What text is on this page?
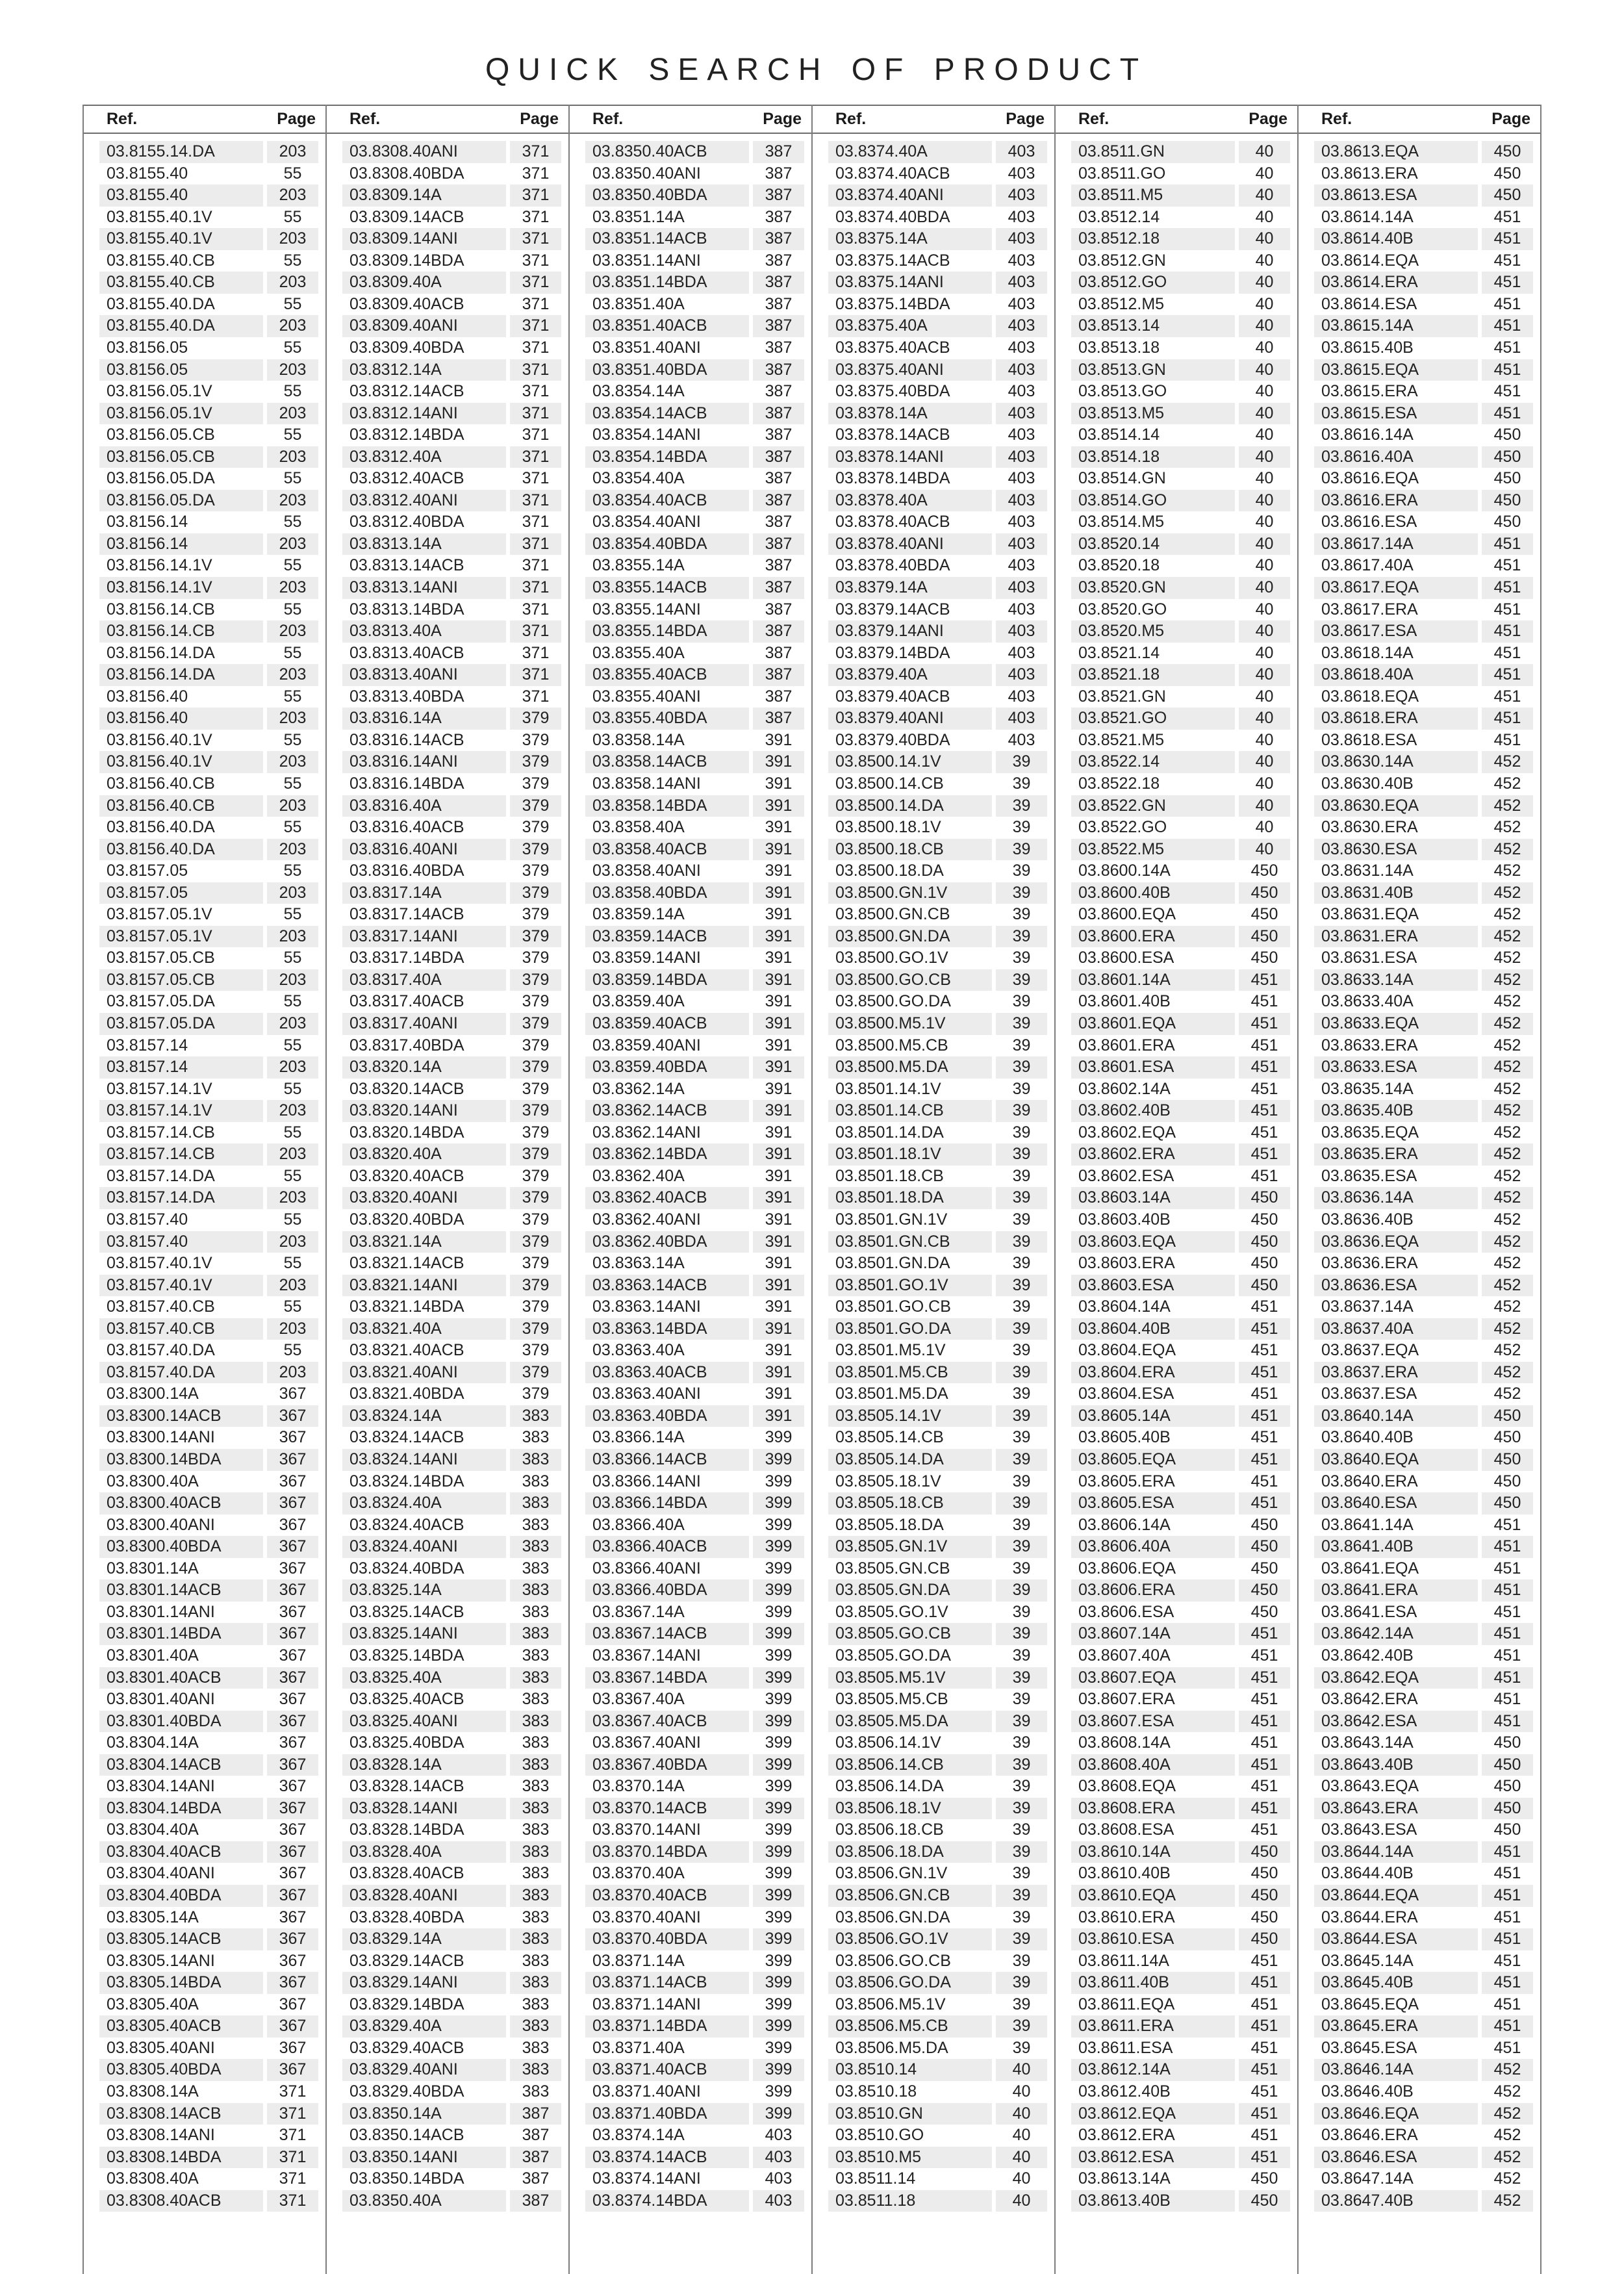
QUICK SEARCH OF PRODUCT
Ref.	Page
03.8155.14.DA	203
03.8155.40	55
03.8155.40	203
03.8155.40.1V	55
03.8155.40.1V	203
03.8155.40.CB	55
03.8155.40.CB	203
03.8155.40.DA	55
03.8155.40.DA	203
03.8156.05	55
03.8156.05	203
03.8156.05.1V	55
03.8156.05.1V	203
03.8156.05.CB	55
03.8156.05.CB	203
03.8156.05.DA	55
03.8156.05.DA	203
03.8156.14	55
03.8156.14	203
03.8156.14.1V	55
03.8156.14.1V	203
03.8156.14.CB	55
03.8156.14.CB	203
03.8156.14.DA	55
03.8156.14.DA	203
03.8156.40	55
03.8156.40	203
03.8156.40.1V	55
03.8156.40.1V	203
03.8156.40.CB	55
03.8156.40.CB	203
03.8156.40.DA	55
03.8156.40.DA	203
03.8157.05	55
03.8157.05	203
03.8157.05.1V	55
03.8157.05.1V	203
03.8157.05.CB	55
03.8157.05.CB	203
03.8157.05.DA	55
03.8157.05.DA	203
03.8157.14	55
03.8157.14	203
03.8157.14.1V	55
03.8157.14.1V	203
03.8157.14.CB	55
03.8157.14.CB	203
03.8157.14.DA	55
03.8157.14.DA	203
03.8157.40	55
03.8157.40	203
03.8157.40.1V	55
03.8157.40.1V	203
03.8157.40.CB	55
03.8157.40.CB	203
03.8157.40.DA	55
03.8157.40.DA	203
03.8300.14A	367
03.8300.14ACB	367
03.8300.14ANI	367
03.8300.14BDA	367
03.8300.40A	367
03.8300.40ACB	367
03.8300.40ANI	367
03.8300.40BDA	367
03.8301.14A	367
03.8301.14ACB	367
03.8301.14ANI	367
03.8301.14BDA	367
03.8301.40A	367
03.8301.40ACB	367
03.8301.40ANI	367
03.8301.40BDA	367
03.8304.14A	367
03.8304.14ACB	367
03.8304.14ANI	367
03.8304.14BDA	367
03.8304.40A	367
03.8304.40ACB	367
03.8304.40ANI	367
03.8304.40BDA	367
03.8305.14A	367
03.8305.14ACB	367
03.8305.14ANI	367
03.8305.14BDA	367
03.8305.40A	367
03.8305.40ACB	367
03.8305.40ANI	367
03.8305.40BDA	367
03.8308.14A	371
03.8308.14ACB	371
03.8308.14ANI	371
03.8308.14BDA	371
03.8308.40A	371
03.8308.40ACB	371
Ref.	Page
03.8308.40ANI	371
03.8308.40BDA	371
03.8309.14A	371
03.8309.14ACB	371
03.8309.14ANI	371
03.8309.14BDA	371
03.8309.40A	371
03.8309.40ACB	371
03.8309.40ANI	371
03.8309.40BDA	371
03.8312.14A	371
03.8312.14ACB	371
03.8312.14ANI	371
03.8312.14BDA	371
03.8312.40A	371
03.8312.40ACB	371
03.8312.40ANI	371
03.8312.40BDA	371
03.8313.14A	371
03.8313.14ACB	371
03.8313.14ANI	371
03.8313.14BDA	371
03.8313.40A	371
03.8313.40ACB	371
03.8313.40ANI	371
03.8313.40BDA	371
03.8316.14A	379
03.8316.14ACB	379
03.8316.14ANI	379
03.8316.14BDA	379
03.8316.40A	379
03.8316.40ACB	379
03.8316.40ANI	379
03.8316.40BDA	379
03.8317.14A	379
03.8317.14ACB	379
03.8317.14ANI	379
03.8317.14BDA	379
03.8317.40A	379
03.8317.40ACB	379
03.8317.40ANI	379
03.8317.40BDA	379
03.8320.14A	379
03.8320.14ACB	379
03.8320.14ANI	379
03.8320.14BDA	379
03.8320.40A	379
03.8320.40ACB	379
03.8320.40ANI	379
03.8320.40BDA	379
03.8321.14A	379
03.8321.14ACB	379
03.8321.14ANI	379
03.8321.14BDA	379
03.8321.40A	379
03.8321.40ACB	379
03.8321.40ANI	379
03.8321.40BDA	379
03.8324.14A	383
03.8324.14ACB	383
03.8324.14ANI	383
03.8324.14BDA	383
03.8324.40A	383
03.8324.40ACB	383
03.8324.40ANI	383
03.8324.40BDA	383
03.8325.14A	383
03.8325.14ACB	383
03.8325.14ANI	383
03.8325.14BDA	383
03.8325.40A	383
03.8325.40ACB	383
03.8325.40ANI	383
03.8325.40BDA	383
03.8328.14A	383
03.8328.14ACB	383
03.8328.14ANI	383
03.8328.14BDA	383
03.8328.40A	383
03.8328.40ACB	383
03.8328.40ANI	383
03.8328.40BDA	383
03.8329.14A	383
03.8329.14ACB	383
03.8329.14ANI	383
03.8329.14BDA	383
03.8329.40A	383
03.8329.40ACB	383
03.8329.40ANI	383
03.8329.40BDA	383
03.8350.14A	387
03.8350.14ACB	387
03.8350.14ANI	387
03.8350.14BDA	387
03.8350.40A	387
Ref.	Page
03.8350.40ACB	387
03.8350.40ANI	387
03.8350.40BDA	387
03.8351.14A	387
03.8351.14ACB	387
03.8351.14ANI	387
03.8351.14BDA	387
03.8351.40A	387
03.8351.40ACB	387
03.8351.40ANI	387
03.8351.40BDA	387
03.8354.14A	387
03.8354.14ACB	387
03.8354.14ANI	387
03.8354.14BDA	387
03.8354.40A	387
03.8354.40ACB	387
03.8354.40ANI	387
03.8354.40BDA	387
03.8355.14A	387
03.8355.14ACB	387
03.8355.14ANI	387
03.8355.14BDA	387
03.8355.40A	387
03.8355.40ACB	387
03.8355.40ANI	387
03.8355.40BDA	387
03.8358.14A	391
03.8358.14ACB	391
03.8358.14ANI	391
03.8358.14BDA	391
03.8358.40A	391
03.8358.40ACB	391
03.8358.40ANI	391
03.8358.40BDA	391
03.8359.14A	391
03.8359.14ACB	391
03.8359.14ANI	391
03.8359.14BDA	391
03.8359.40A	391
03.8359.40ACB	391
03.8359.40ANI	391
03.8359.40BDA	391
03.8362.14A	391
03.8362.14ACB	391
03.8362.14ANI	391
03.8362.14BDA	391
03.8362.40A	391
03.8362.40ACB	391
03.8362.40ANI	391
03.8362.40BDA	391
03.8363.14A	391
03.8363.14ACB	391
03.8363.14ANI	391
03.8363.14BDA	391
03.8363.40A	391
03.8363.40ACB	391
03.8363.40ANI	391
03.8363.40BDA	391
03.8366.14A	399
03.8366.14ACB	399
03.8366.14ANI	399
03.8366.14BDA	399
03.8366.40A	399
03.8366.40ACB	399
03.8366.40ANI	399
03.8366.40BDA	399
03.8367.14A	399
03.8367.14ACB	399
03.8367.14ANI	399
03.8367.14BDA	399
03.8367.40A	399
03.8367.40ACB	399
03.8367.40ANI	399
03.8367.40BDA	399
03.8370.14A	399
03.8370.14ACB	399
03.8370.14ANI	399
03.8370.14BDA	399
03.8370.40A	399
03.8370.40ACB	399
03.8370.40ANI	399
03.8370.40BDA	399
03.8371.14A	399
03.8371.14ACB	399
03.8371.14ANI	399
03.8371.14BDA	399
03.8371.40A	399
03.8371.40ACB	399
03.8371.40ANI	399
03.8371.40BDA	399
03.8374.14A	403
03.8374.14ACB	403
03.8374.14ANI	403
03.8374.14BDA	403
Ref.	Page
03.8374.40A	403
03.8374.40ACB	403
03.8374.40ANI	403
03.8374.40BDA	403
03.8375.14A	403
03.8375.14ACB	403
03.8375.14ANI	403
03.8375.14BDA	403
03.8375.40A	403
03.8375.40ACB	403
03.8375.40ANI	403
03.8375.40BDA	403
03.8378.14A	403
03.8378.14ACB	403
03.8378.14ANI	403
03.8378.14BDA	403
03.8378.40A	403
03.8378.40ACB	403
03.8378.40ANI	403
03.8378.40BDA	403
03.8379.14A	403
03.8379.14ACB	403
03.8379.14ANI	403
03.8379.14BDA	403
03.8379.40A	403
03.8379.40ACB	403
03.8379.40ANI	403
03.8379.40BDA	403
03.8500.14.1V	39
03.8500.14.CB	39
03.8500.14.DA	39
03.8500.18.1V	39
03.8500.18.CB	39
03.8500.18.DA	39
03.8500.GN.1V	39
03.8500.GN.CB	39
03.8500.GN.DA	39
03.8500.GO.1V	39
03.8500.GO.CB	39
03.8500.GO.DA	39
03.8500.M5.1V	39
03.8500.M5.CB	39
03.8500.M5.DA	39
03.8501.14.1V	39
03.8501.14.CB	39
03.8501.14.DA	39
03.8501.18.1V	39
03.8501.18.CB	39
03.8501.18.DA	39
03.8501.GN.1V	39
03.8501.GN.CB	39
03.8501.GN.DA	39
03.8501.GO.1V	39
03.8501.GO.CB	39
03.8501.GO.DA	39
03.8501.M5.1V	39
03.8501.M5.CB	39
03.8501.M5.DA	39
03.8505.14.1V	39
03.8505.14.CB	39
03.8505.14.DA	39
03.8505.18.1V	39
03.8505.18.CB	39
03.8505.18.DA	39
03.8505.GN.1V	39
03.8505.GN.CB	39
03.8505.GN.DA	39
03.8505.GO.1V	39
03.8505.GO.CB	39
03.8505.GO.DA	39
03.8505.M5.1V	39
03.8505.M5.CB	39
03.8505.M5.DA	39
03.8506.14.1V	39
03.8506.14.CB	39
03.8506.14.DA	39
03.8506.18.1V	39
03.8506.18.CB	39
03.8506.18.DA	39
03.8506.GN.1V	39
03.8506.GN.CB	39
03.8506.GN.DA	39
03.8506.GO.1V	39
03.8506.GO.CB	39
03.8506.GO.DA	39
03.8506.M5.1V	39
03.8506.M5.CB	39
03.8506.M5.DA	39
03.8510.14	40
03.8510.18	40
03.8510.GN	40
03.8510.GO	40
03.8510.M5	40
03.8511.14	40
03.8511.18	40
Ref.	Page
03.8511.GN	40
03.8511.GO	40
03.8511.M5	40
03.8512.14	40
03.8512.18	40
03.8512.GN	40
03.8512.GO	40
03.8512.M5	40
03.8513.14	40
03.8513.18	40
03.8513.GN	40
03.8513.GO	40
03.8513.M5	40
03.8514.14	40
03.8514.18	40
03.8514.GN	40
03.8514.GO	40
03.8514.M5	40
03.8520.14	40
03.8520.18	40
03.8520.GN	40
03.8520.GO	40
03.8520.M5	40
03.8521.14	40
03.8521.18	40
03.8521.GN	40
03.8521.GO	40
03.8521.M5	40
03.8522.14	40
03.8522.18	40
03.8522.GN	40
03.8522.GO	40
03.8522.M5	40
03.8600.14A	450
03.8600.40B	450
03.8600.EQA	450
03.8600.ERA	450
03.8600.ESA	450
03.8601.14A	451
03.8601.40B	451
03.8601.EQA	451
03.8601.ERA	451
03.8601.ESA	451
03.8602.14A	451
03.8602.40B	451
03.8602.EQA	451
03.8602.ERA	451
03.8602.ESA	451
03.8603.14A	450
03.8603.40B	450
03.8603.EQA	450
03.8603.ERA	450
03.8603.ESA	450
03.8604.14A	451
03.8604.40B	451
03.8604.EQA	451
03.8604.ERA	451
03.8604.ESA	451
03.8605.14A	451
03.8605.40B	451
03.8605.EQA	451
03.8605.ERA	451
03.8605.ESA	451
03.8606.14A	450
03.8606.40A	450
03.8606.EQA	450
03.8606.ERA	450
03.8606.ESA	450
03.8607.14A	451
03.8607.40A	451
03.8607.EQA	451
03.8607.ERA	451
03.8607.ESA	451
03.8608.14A	451
03.8608.40A	451
03.8608.EQA	451
03.8608.ERA	451
03.8608.ESA	451
03.8610.14A	450
03.8610.40B	450
03.8610.EQA	450
03.8610.ERA	450
03.8610.ESA	450
03.8611.14A	451
03.8611.40B	451
03.8611.EQA	451
03.8611.ERA	451
03.8611.ESA	451
03.8612.14A	451
03.8612.40B	451
03.8612.EQA	451
03.8612.ERA	451
03.8612.ESA	451
03.8613.14A	450
03.8613.40B	450
Ref.	Page
03.8613.EQA	450
03.8613.ERA	450
03.8613.ESA	450
03.8614.14A	451
03.8614.40B	451
03.8614.EQA	451
03.8614.ERA	451
03.8614.ESA	451
03.8615.14A	451
03.8615.40B	451
03.8615.EQA	451
03.8615.ERA	451
03.8615.ESA	451
03.8616.14A	450
03.8616.40A	450
03.8616.EQA	450
03.8616.ERA	450
03.8616.ESA	450
03.8617.14A	451
03.8617.40A	451
03.8617.EQA	451
03.8617.ERA	451
03.8617.ESA	451
03.8618.14A	451
03.8618.40A	451
03.8618.EQA	451
03.8618.ERA	451
03.8618.ESA	451
03.8630.14A	452
03.8630.40B	452
03.8630.EQA	452
03.8630.ERA	452
03.8630.ESA	452
03.8631.14A	452
03.8631.40B	452
03.8631.EQA	452
03.8631.ERA	452
03.8631.ESA	452
03.8633.14A	452
03.8633.40A	452
03.8633.EQA	452
03.8633.ERA	452
03.8633.ESA	452
03.8635.14A	452
03.8635.40B	452
03.8635.EQA	452
03.8635.ERA	452
03.8635.ESA	452
03.8636.14A	452
03.8636.40B	452
03.8636.EQA	452
03.8636.ERA	452
03.8636.ESA	452
03.8637.14A	452
03.8637.40A	452
03.8637.EQA	452
03.8637.ERA	452
03.8637.ESA	452
03.8640.14A	450
03.8640.40B	450
03.8640.EQA	450
03.8640.ERA	450
03.8640.ESA	450
03.8641.14A	451
03.8641.40B	451
03.8641.EQA	451
03.8641.ERA	451
03.8641.ESA	451
03.8642.14A	451
03.8642.40B	451
03.8642.EQA	451
03.8642.ERA	451
03.8642.ESA	451
03.8643.14A	450
03.8643.40B	450
03.8643.EQA	450
03.8643.ERA	450
03.8643.ESA	450
03.8644.14A	451
03.8644.40B	451
03.8644.EQA	451
03.8644.ERA	451
03.8644.ESA	451
03.8645.14A	451
03.8645.40B	451
03.8645.EQA	451
03.8645.ERA	451
03.8645.ESA	451
03.8646.14A	452
03.8646.40B	452
03.8646.EQA	452
03.8646.ERA	452
03.8646.ESA	452
03.8647.14A	452
03.8647.40B	452
